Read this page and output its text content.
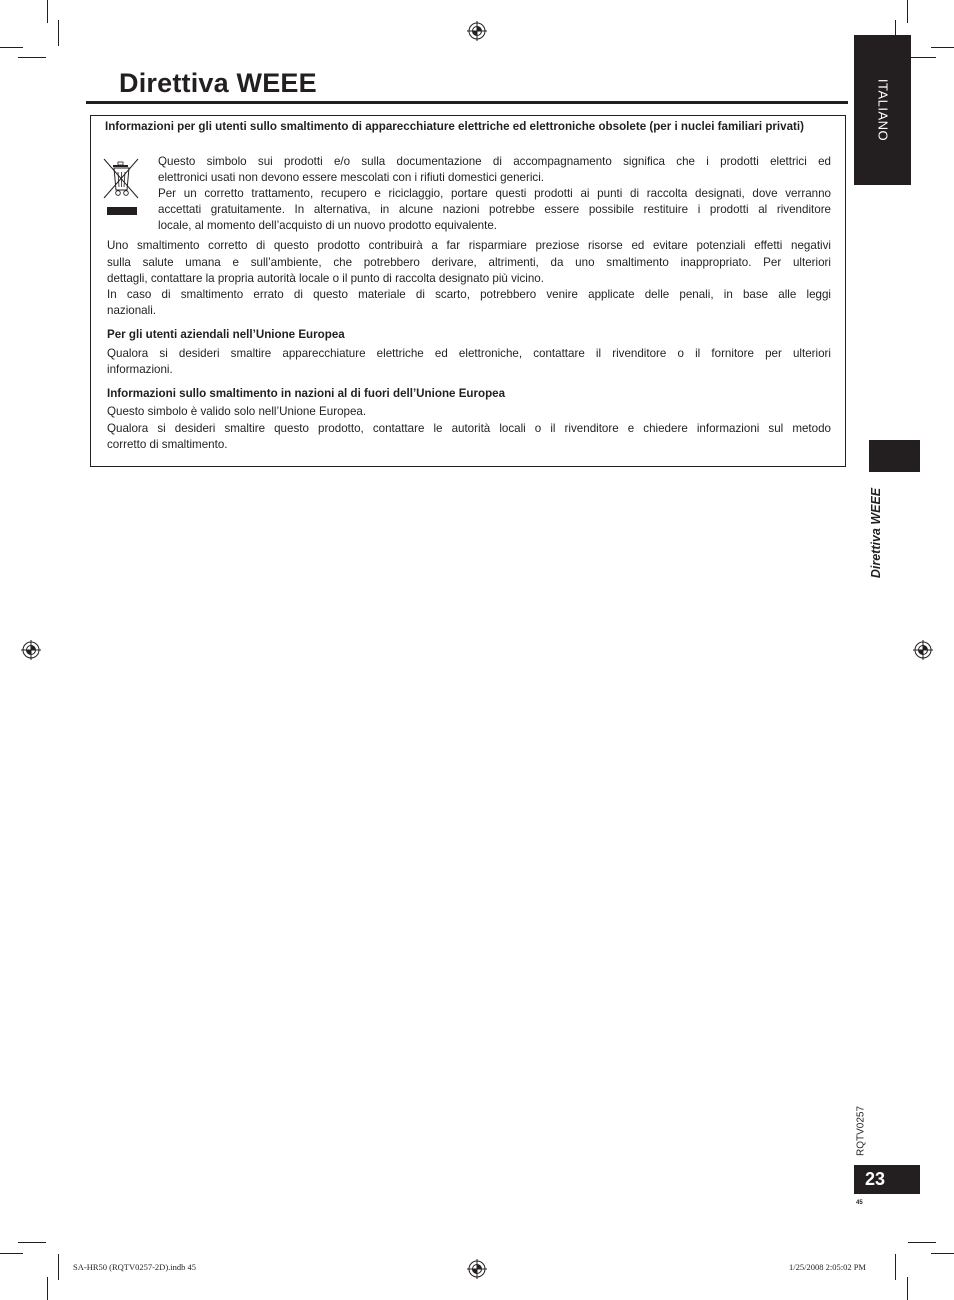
Direttiva WEEE
Informazioni per gli utenti sullo smaltimento di apparecchiature elettriche ed elettroniche obsolete (per i nuclei familiari privati)
Questo simbolo sui prodotti e/o sulla documentazione di accompagnamento significa che i prodotti elettrici ed
elettronici usati non devono essere mescolati con i rifiuti domestici generici.
Per un corretto trattamento, recupero e riciclaggio, portare questi prodotti ai punti di raccolta designati, dove verranno
accettati gratuitamente. In alternativa, in alcune nazioni potrebbe essere possibile restituire i prodotti al rivenditore
locale, al momento dell’acquisto di un nuovo prodotto equivalente.
Uno smaltimento corretto di questo prodotto contribuirà a far risparmiare preziose risorse ed evitare potenziali effetti negativi
sulla salute umana e sull’ambiente, che potrebbero derivare, altrimenti, da uno smaltimento inappropriato. Per ulteriori
dettagli, contattare la propria autorità locale o il punto di raccolta designato più vicino.
In caso di smaltimento errato di questo materiale di scarto, potrebbero venire applicate delle penali, in base alle leggi
nazionali.
Per gli utenti aziendali nell’Unione Europea
Qualora si desideri smaltire apparecchiature elettriche ed elettroniche, contattare il rivenditore o il fornitore per ulteriori
informazioni.
Informazioni sullo smaltimento in nazioni al di fuori dell’Unione Europea
Questo simbolo è valido solo nell’Unione Europea.
Qualora si desideri smaltire questo prodotto, contattare le autorità locali o il rivenditore e chiedere informazioni sul metodo
corretto di smaltimento.
ITALIANO
Direttiva WEEE
RQTV0257
23
45
SA-HR50 (RQTV0257-2D).indb 45	1/25/2008 2:05:02 PM
